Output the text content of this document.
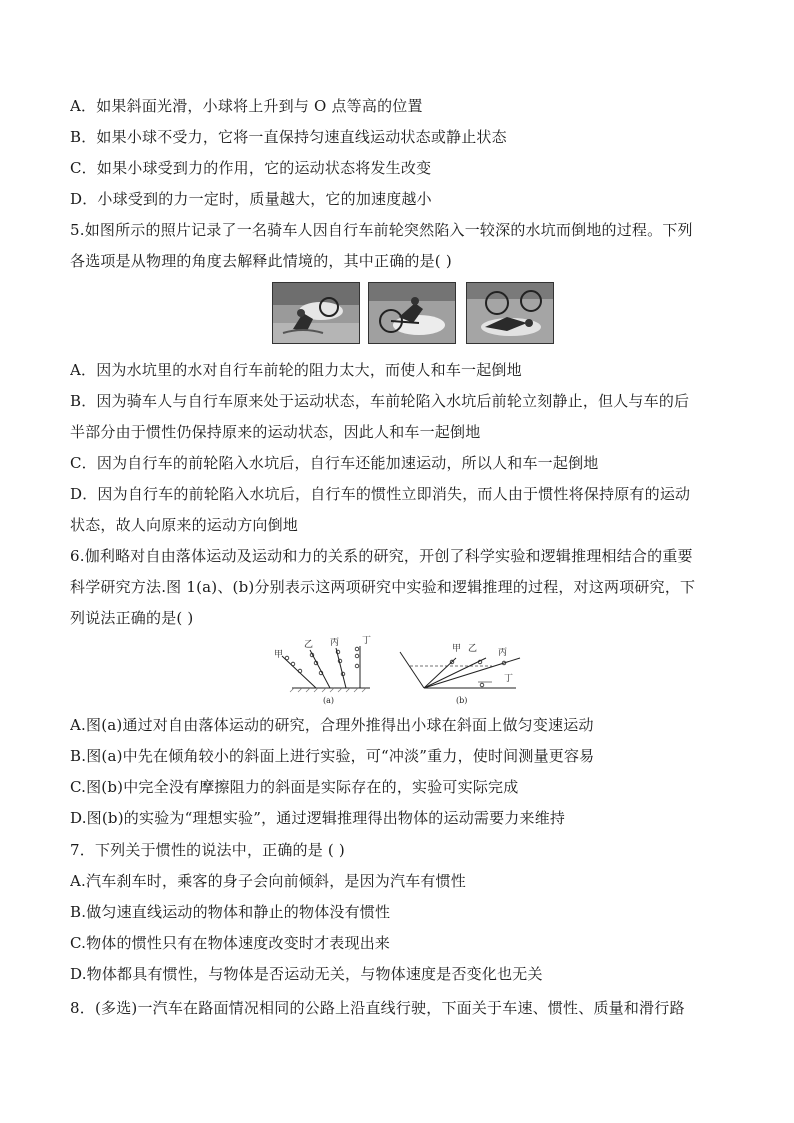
A．如果斜面光滑，小球将上升到与 O 点等高的位置
B．如果小球不受力，它将一直保持匀速直线运动状态或静止状态
C．如果小球受到力的作用，它的运动状态将发生改变
D．小球受到的力一定时，质量越大，它的加速度越小
5.如图所示的照片记录了一名骑车人因自行车前轮突然陷入一较深的水坑而倒地的过程。下列
各选项是从物理的角度去解释此情境的，其中正确的是( )
A．因为水坑里的水对自行车前轮的阻力太大，而使人和车一起倒地
B．因为骑车人与自行车原来处于运动状态，车前轮陷入水坑后前轮立刻静止，但人与车的后
半部分由于惯性仍保持原来的运动状态，因此人和车一起倒地
C．因为自行车的前轮陷入水坑后，自行车还能加速运动，所以人和车一起倒地
D．因为自行车的前轮陷入水坑后，自行车的惯性立即消失，而人由于惯性将保持原有的运动
状态，故人向原来的运动方向倒地
6.伽利略对自由落体运动及运动和力的关系的研究，开创了科学实验和逻辑推理相结合的重要
科学研究方法.图 1(a)、(b)分别表示这两项研究中实验和逻辑推理的过程，对这两项研究，下
列说法正确的是( )
甲
乙 丙	丁
(a)
甲 乙 丙
丁
(b)
A.图(a)通过对自由落体运动的研究，合理外推得出小球在斜面上做匀变速运动
B.图(a)中先在倾角较小的斜面上进行实验，可“冲淡”重力，使时间测量更容易
C.图(b)中完全没有摩擦阻力的斜面是实际存在的，实验可实际完成
D.图(b)的实验为“理想实验”，通过逻辑推理得出物体的运动需要力来维持
7．下列关于惯性的说法中，正确的是 ( )
A.汽车刹车时，乘客的身子会向前倾斜，是因为汽车有惯性
B.做匀速直线运动的物体和静止的物体没有惯性
C.物体的惯性只有在物体速度改变时才表现出来
D.物体都具有惯性，与物体是否运动无关，与物体速度是否变化也无关
8．(多选)一汽车在路面情况相同的公路上沿直线行驶，下面关于车速、惯性、质量和滑行路
